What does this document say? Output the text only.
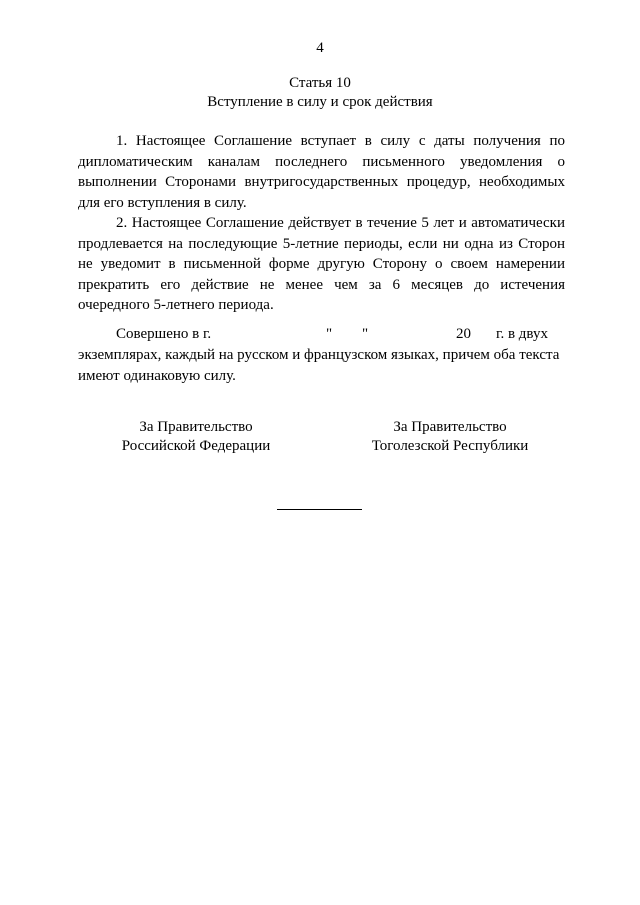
4
Статья 10
Вступление в силу и срок действия

1. Настоящее Соглашение вступает в силу с даты получения по дипломатическим каналам последнего письменного уведомления о выполнении Сторонами внутригосударственных процедур, необходимых для его вступления в силу.

2. Настоящее Соглашение действует в течение 5 лет и автоматически продлевается на последующие 5-летние периоды, если ни одна из Сторон не уведомит в письменной форме другую Сторону о своем намерении прекратить его действие не менее чем за 6 месяцев до истечения очередного 5-летнего периода.

Совершено в г.	" "	20 г. в двух

экземплярах, каждый на русском и французском языках, причем оба текста имеют одинаковую силу.

За Правительство
Российской Федерации
За Правительство
Тоголезской Республики
